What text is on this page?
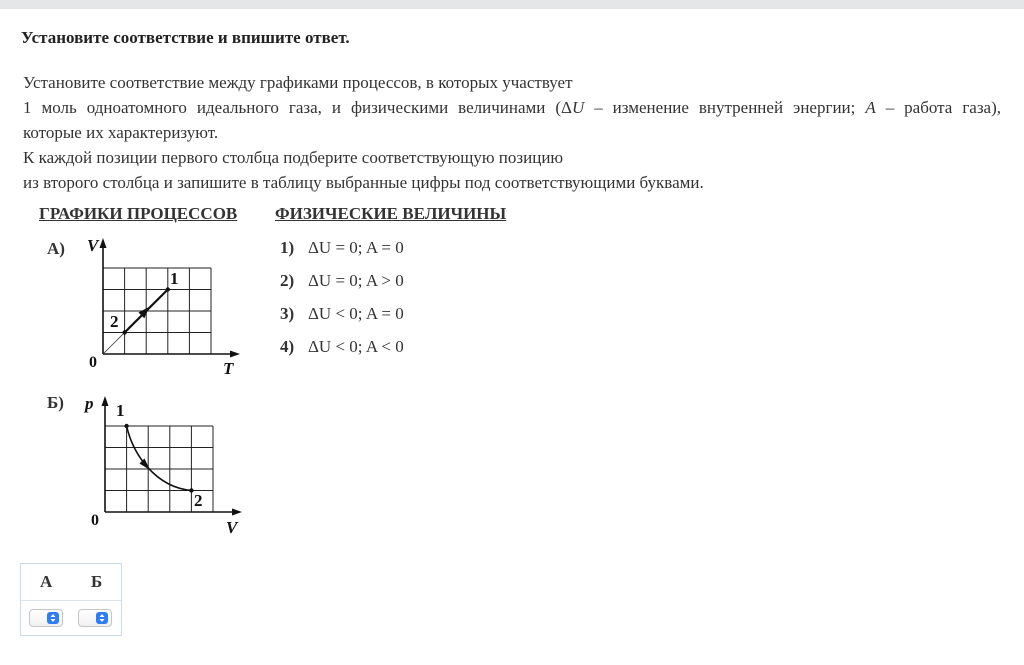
Установите соответствие и впишите ответ.

Установите соответствие между графиками процессов, в которых участвует

1 моль одноатомного идеального газа, и физическими величинами (ΔU – изменение внутренней энергии; A – работа газа),

которые их характеризуют.

К каждой позиции первого столбца подберите соответствующую позицию

из второго столбца и запишите в таблицу выбранные цифры под соответствующими буквами.

ГРАФИКИ ПРОЦЕССОВ ФИЗИЧЕСКИЕ ВЕЛИЧИНЫ
А) V
T
0
2
1
Б) p
V
0
1
2
1) ΔU = 0; A = 0
2) ΔU = 0; A > 0
3) ΔU < 0; A = 0
4) ΔU < 0; A < 0
А Б
